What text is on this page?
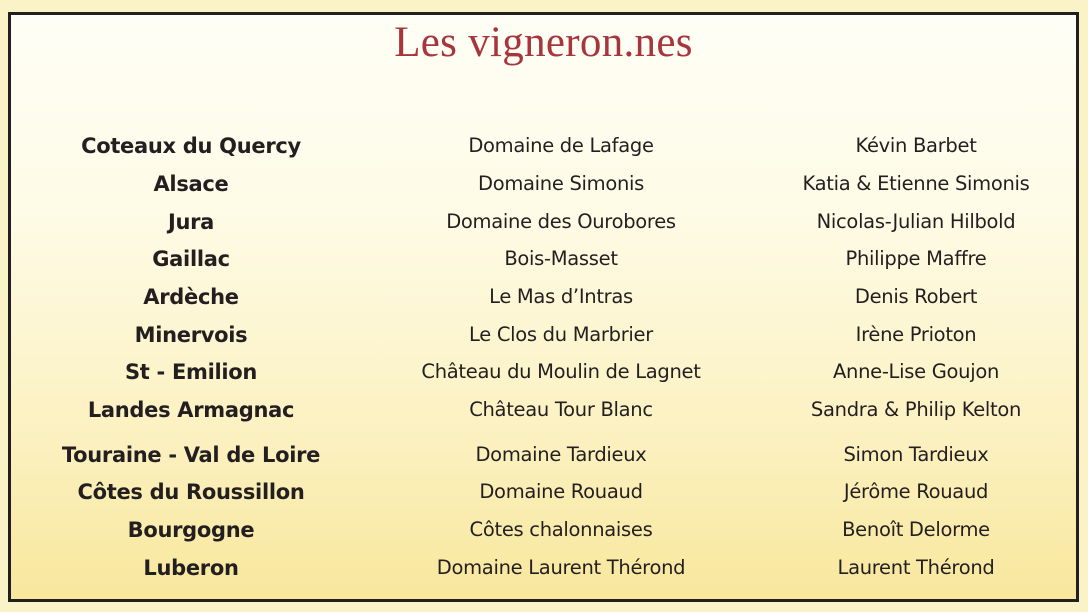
Les vigneron.nes
Coteaux du Quercy	Domaine de Lafage	Kévin Barbet
Alsace	Domaine Simonis	Katia & Etienne Simonis
Jura	Domaine des Ourobores	Nicolas-Julian Hilbold
Gaillac	Bois-Masset	Philippe Maffre
Ardèche	Le Mas d’Intras	Denis Robert
Minervois	Le Clos du Marbrier	Irène Prioton
St - Emilion	Château du Moulin de Lagnet	Anne-Lise Goujon
Landes Armagnac	Château Tour Blanc	Sandra & Philip Kelton
Touraine - Val de Loire	Domaine Tardieux	Simon Tardieux
Côtes du Roussillon	Domaine Rouaud	Jérôme Rouaud
Bourgogne	Côtes chalonnaises	Benoît Delorme
Luberon	Domaine Laurent Thérond	Laurent Thérond
